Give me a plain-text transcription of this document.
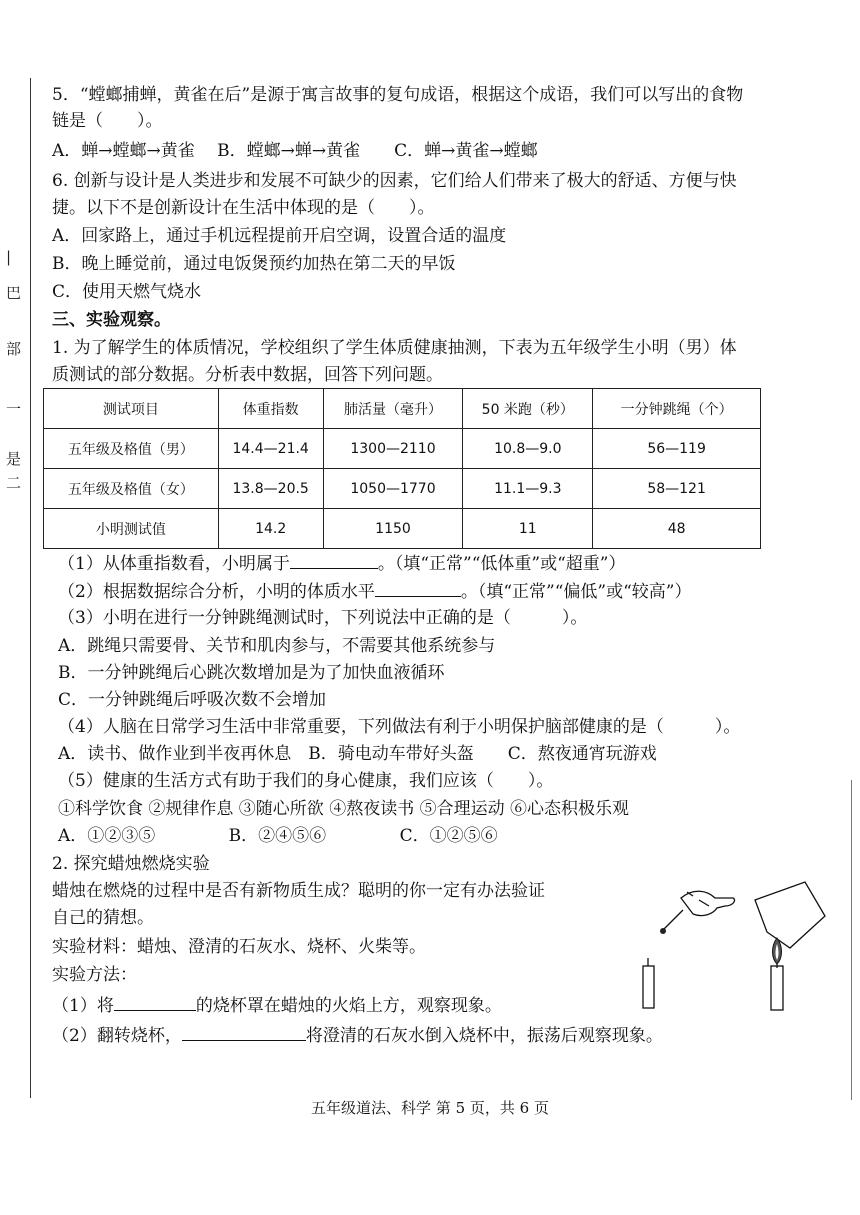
|
巴
部
一
是
二
5．“螳螂捕蝉，黄雀在后”是源于寓言故事的复句成语，根据这个成语，我们可以写出的食物
链是（　　）。
A．蝉→螳螂→黄雀　 B．螳螂→蝉→黄雀　　C．蝉→黄雀→螳螂
6. 创新与设计是人类进步和发展不可缺少的因素，它们给人们带来了极大的舒适、方便与快
捷。以下不是创新设计在生活中体现的是（　　）。
A．回家路上，通过手机远程提前开启空调，设置合适的温度
B．晚上睡觉前，通过电饭煲预约加热在第二天的早饭
C．使用天燃气烧水
三、实验观察。
1. 为了解学生的体质情况，学校组织了学生体质健康抽测，下表为五年级学生小明（男）体
质测试的部分数据。分析表中数据，回答下列问题。
测试项目	体重指数	肺活量（毫升）	50 米跑（秒）	一分钟跳绳（个）
五年级及格值（男）	14.4—21.4	1300—2110	10.8—9.0	56—119
五年级及格值（女）	13.8—20.5	1050—1770	11.1—9.3	58—121
小明测试值	14.2	1150	11	48
（1）从体重指数看，小明属于	。（填“正常”“低体重”或“超重”）
（2）根据数据综合分析，小明的体质水平	。（填“正常”“偏低”或“较高”）
（3）小明在进行一分钟跳绳测试时，下列说法中正确的是（　　　）。
A．跳绳只需要骨、关节和肌肉参与，不需要其他系统参与
B．一分钟跳绳后心跳次数增加是为了加快血液循环
C．一分钟跳绳后呼吸次数不会增加
（4）人脑在日常学习生活中非常重要，下列做法有利于小明保护脑部健康的是（　　　）。
A．读书、做作业到半夜再休息　B．骑电动车带好头盔　　C．熬夜通宵玩游戏
（5）健康的生活方式有助于我们的身心健康，我们应该（　　）。
①科学饮食 ②规律作息 ③随心所欲 ④熬夜读书 ⑤合理运动 ⑥心态积极乐观
A．①②③⑤　　　　 B．②④⑤⑥　　　　 C．①②⑤⑥
2. 探究蜡烛燃烧实验
蜡烛在燃烧的过程中是否有新物质生成？聪明的你一定有办法验证
自己的猜想。
实验材料：蜡烛、澄清的石灰水、烧杯、火柴等。
实验方法：
（1）将	的烧杯罩在蜡烛的火焰上方，观察现象。
（2）翻转烧杯，	将澄清的石灰水倒入烧杯中，振荡后观察现象。
五年级道法、科学 第 5 页，共 6 页
